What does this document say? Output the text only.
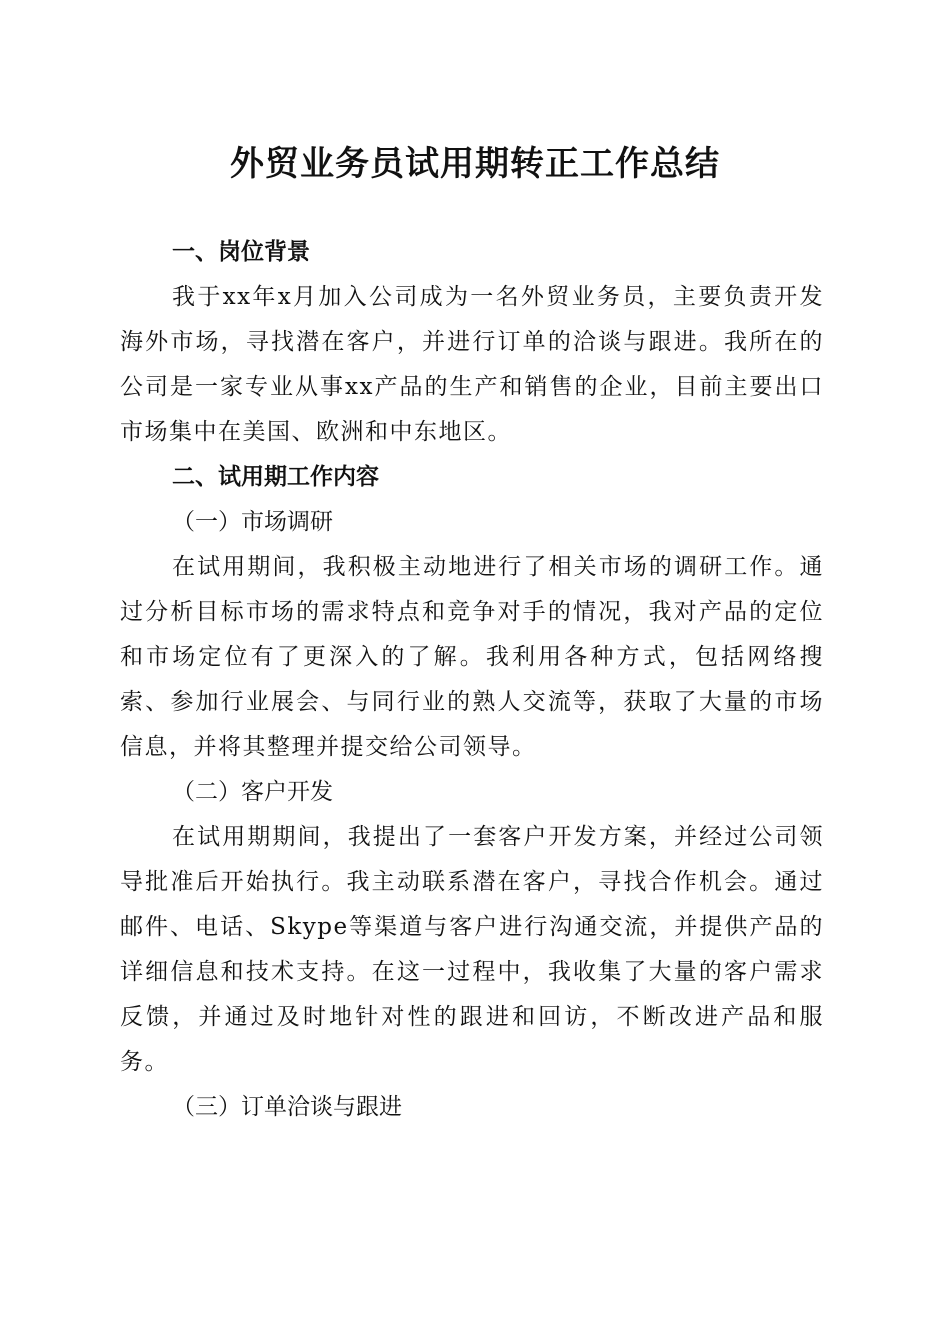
外贸业务员试用期转正工作总结

一、岗位背景

我于xx年x月加入公司成为一名外贸业务员，主要负责开发海外市场，寻找潜在客户，并进行订单的洽谈与跟进。我所在的公司是一家专业从事xx产品的生产和销售的企业，目前主要出口市场集中在美国、欧洲和中东地区。

二、试用期工作内容

（一）市场调研

在试用期间，我积极主动地进行了相关市场的调研工作。通过分析目标市场的需求特点和竞争对手的情况，我对产品的定位和市场定位有了更深入的了解。我利用各种方式，包括网络搜索、参加行业展会、与同行业的熟人交流等，获取了大量的市场信息，并将其整理并提交给公司领导。

（二）客户开发

在试用期期间，我提出了一套客户开发方案，并经过公司领导批准后开始执行。我主动联系潜在客户，寻找合作机会。通过邮件、电话、Skype等渠道与客户进行沟通交流，并提供产品的详细信息和技术支持。在这一过程中，我收集了大量的客户需求反馈，并通过及时地针对性的跟进和回访，不断改进产品和服务。

（三）订单洽谈与跟进
